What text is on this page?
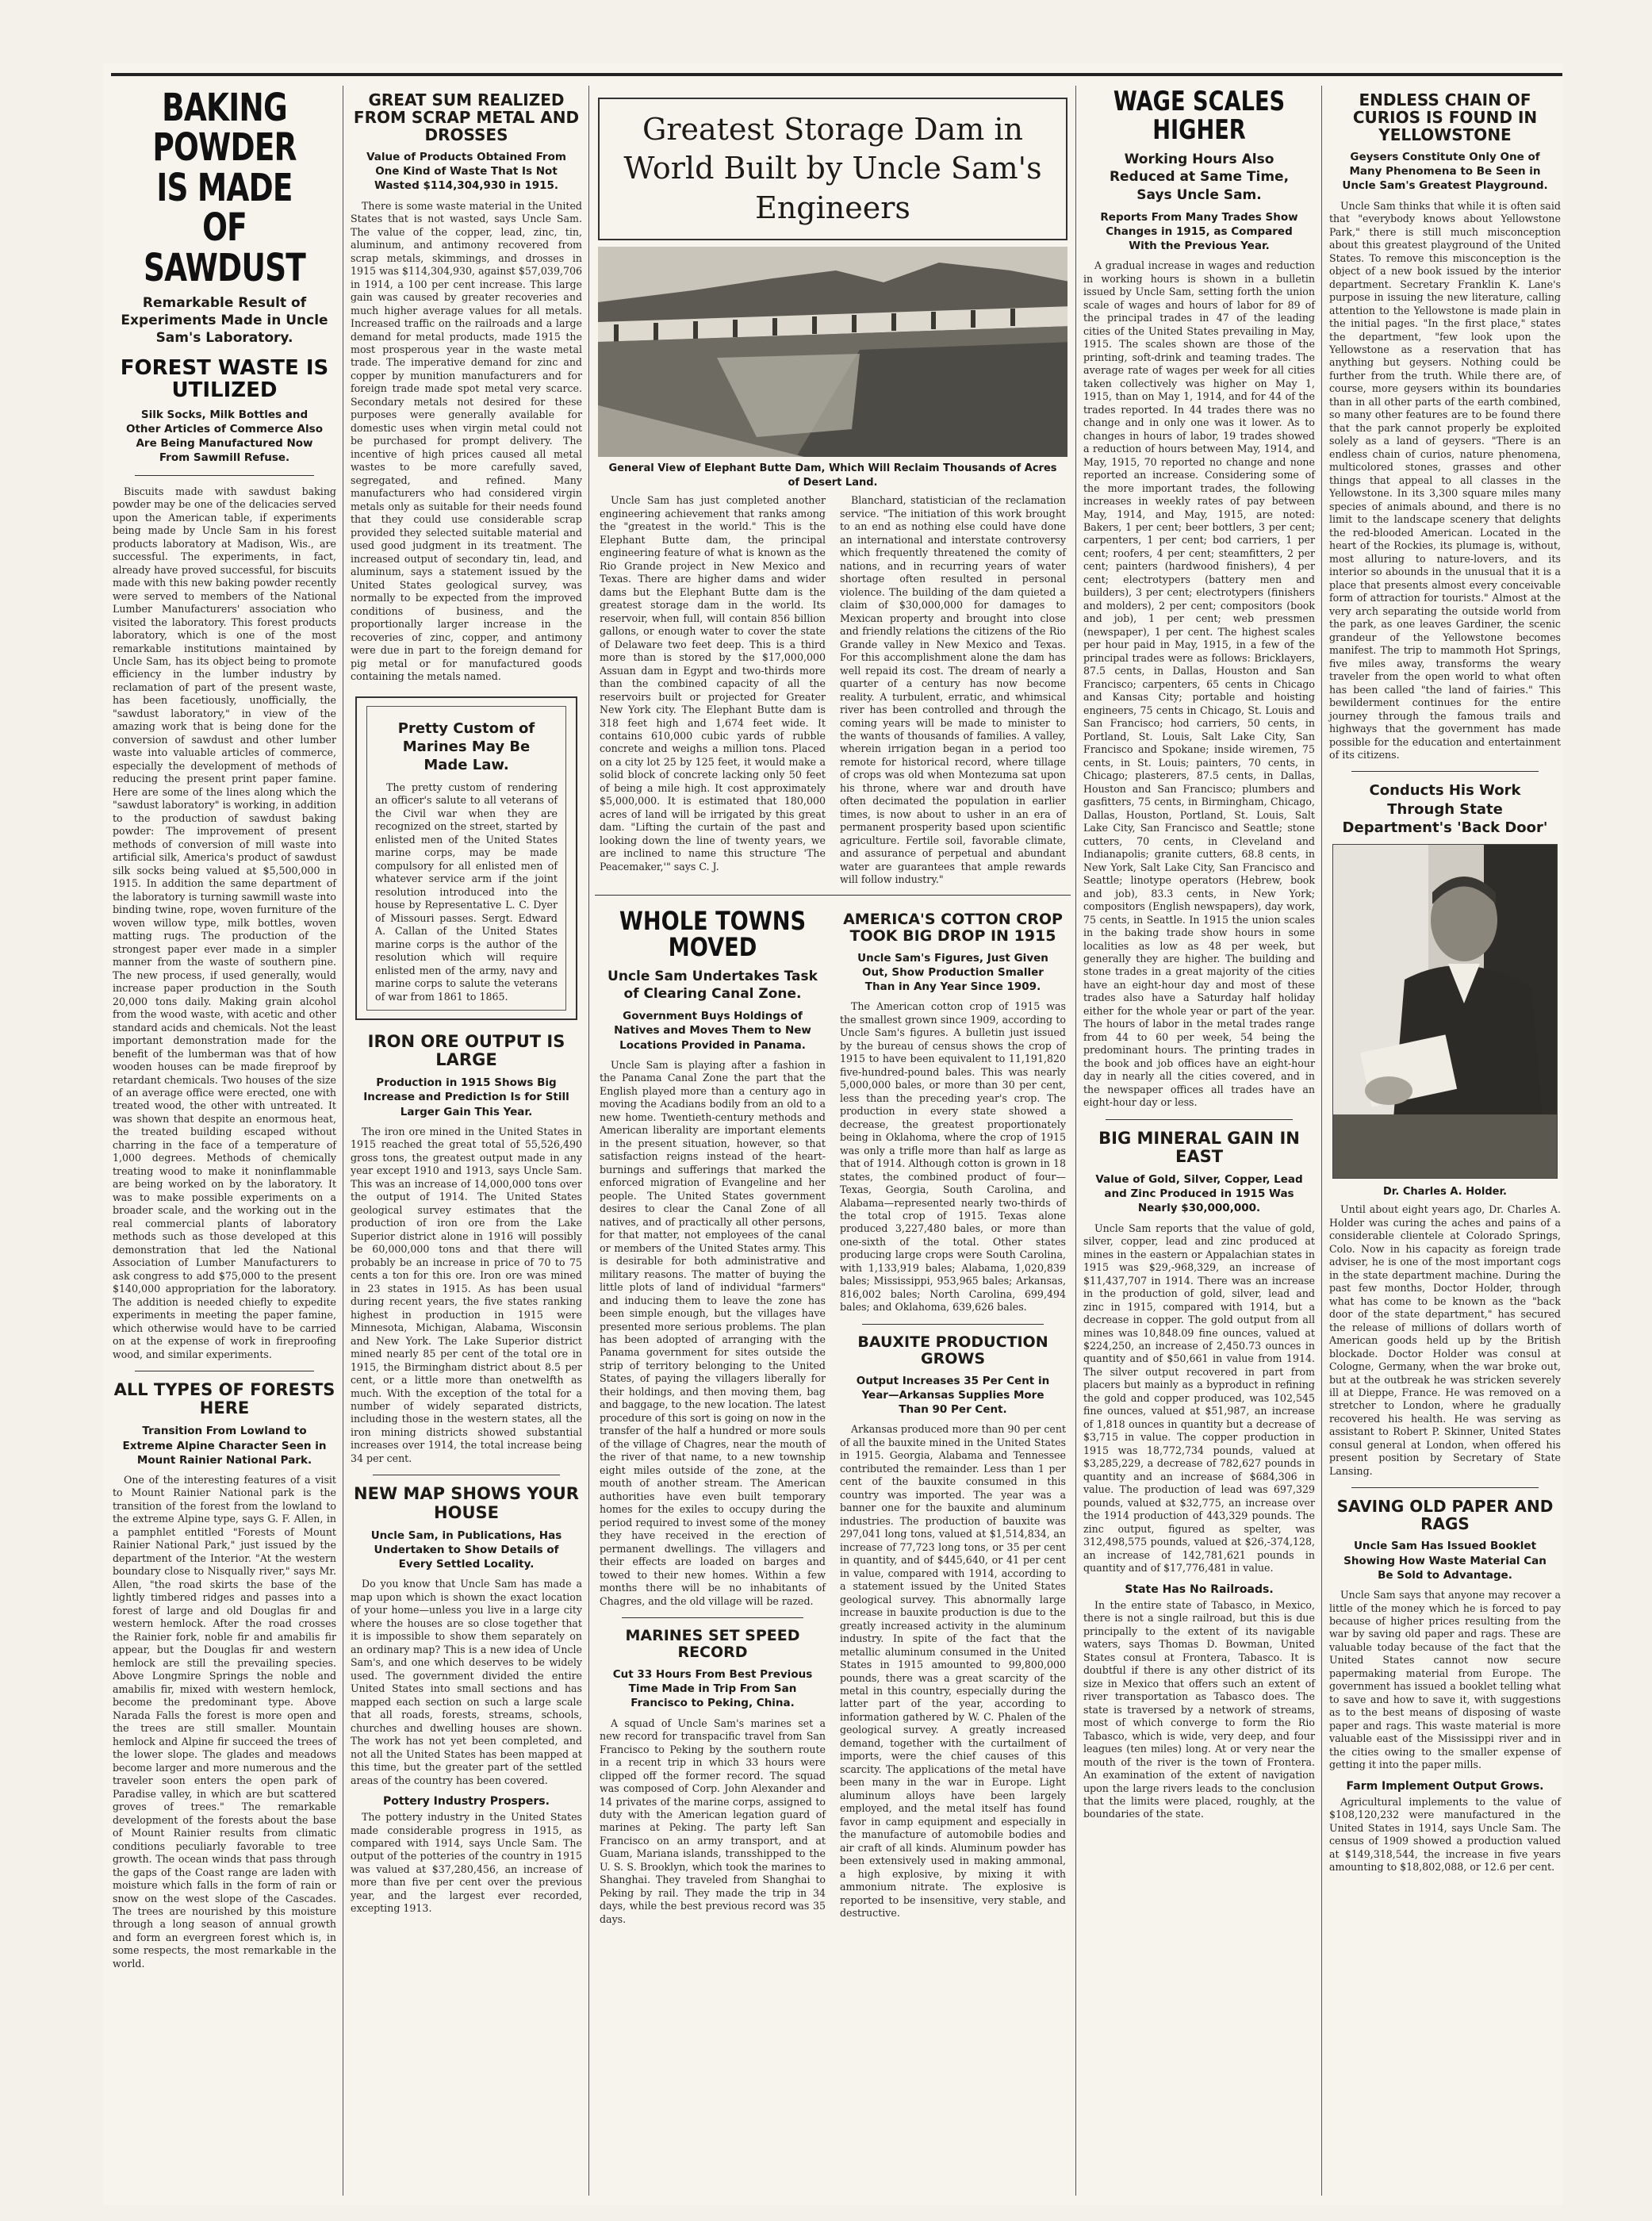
BAKING POWDER IS MADE OF SAWDUST
Remarkable Result of Experiments Made in Uncle Sam's Laboratory.
FOREST WASTE IS UTILIZED
Silk Socks, Milk Bottles and Other Articles of Commerce Also Are Being Manufactured Now From Sawmill Refuse.

Biscuits made with sawdust baking powder may be one of the delicacies served upon the American table, if experiments being made by Uncle Sam in his forest products laboratory at Madison, Wis., are successful. The experiments, in fact, already have proved successful, for biscuits made with this new baking powder recently were served to members of the National Lumber Manufacturers' association who visited the laboratory. This forest products laboratory, which is one of the most remarkable institutions maintained by Uncle Sam, has its object being to promote efficiency in the lumber industry by reclamation of part of the present waste, has been facetiously, unofficially, the "sawdust laboratory," in view of the amazing work that is being done for the conversion of sawdust and other lumber waste into valuable articles of commerce, especially the development of methods of reducing the present print paper famine. Here are some of the lines along which the "sawdust laboratory" is working, in addition to the production of sawdust baking powder: The improvement of present methods of conversion of mill waste into artificial silk, America's product of sawdust silk socks being valued at $5,500,000 in 1915. In addition the same department of the laboratory is turning sawmill waste into binding twine, rope, woven furniture of the woven willow type, milk bottles, woven matting rugs. The production of the strongest paper ever made in a simpler manner from the waste of southern pine. The new process, if used generally, would increase paper production in the South 20,000 tons daily. Making grain alcohol from the wood waste, with acetic and other standard acids and chemicals. Not the least important demonstration made for the benefit of the lumberman was that of how wooden houses can be made fireproof by retardant chemicals. Two houses of the size of an average office were erected, one with treated wood, the other with untreated. It was shown that despite an enormous heat, the treated building escaped without charring in the face of a temperature of 1,000 degrees. Methods of chemically treating wood to make it noninflammable are being worked on by the laboratory. It was to make possible experiments on a broader scale, and the working out in the real commercial plants of laboratory methods such as those developed at this demonstration that led the National Association of Lumber Manufacturers to ask congress to add $75,000 to the present $140,000 appropriation for the laboratory. The addition is needed chiefly to expedite experiments in meeting the paper famine, which otherwise would have to be carried on at the expense of work in fireproofing wood, and similar experiments.

ALL TYPES OF FORESTS HERE
Transition From Lowland to Extreme Alpine Character Seen in Mount Rainier National Park.

One of the interesting features of a visit to Mount Rainier National park is the transition of the forest from the lowland to the extreme Alpine type, says G. F. Allen, in a pamphlet entitled "Forests of Mount Rainier National Park," just issued by the department of the Interior. "At the western boundary close to Nisqually river," says Mr. Allen, "the road skirts the base of the lightly timbered ridges and passes into a forest of large and old Douglas fir and western hemlock. After the road crosses the Rainier fork, noble fir and amabilis fir appear, but the Douglas fir and western hemlock are still the prevailing species. Above Longmire Springs the noble and amabilis fir, mixed with western hemlock, become the predominant type. Above Narada Falls the forest is more open and the trees are still smaller. Mountain hemlock and Alpine fir succeed the trees of the lower slope. The glades and meadows become larger and more numerous and the traveler soon enters the open park of Paradise valley, in which are but scattered groves of trees." The remarkable development of the forests about the base of Mount Rainier results from climatic conditions peculiarly favorable to tree growth. The ocean winds that pass through the gaps of the Coast range are laden with moisture which falls in the form of rain or snow on the west slope of the Cascades. The trees are nourished by this moisture through a long season of annual growth and form an evergreen forest which is, in some respects, the most remarkable in the world.

GREAT SUM REALIZED FROM SCRAP METAL AND DROSSES
Value of Products Obtained From One Kind of Waste That Is Not Wasted $114,304,930 in 1915.

There is some waste material in the United States that is not wasted, says Uncle Sam. The value of the copper, lead, zinc, tin, aluminum, and antimony recovered from scrap metals, skimmings, and drosses in 1915 was $114,304,930, against $57,039,706 in 1914, a 100 per cent increase. This large gain was caused by greater recoveries and much higher average values for all metals. Increased traffic on the railroads and a large demand for metal products, made 1915 the most prosperous year in the waste metal trade. The imperative demand for zinc and copper by munition manufacturers and for foreign trade made spot metal very scarce. Secondary metals not desired for these purposes were generally available for domestic uses when virgin metal could not be purchased for prompt delivery. The incentive of high prices caused all metal wastes to be more carefully saved, segregated, and refined. Many manufacturers who had considered virgin metals only as suitable for their needs found that they could use considerable scrap provided they selected suitable material and used good judgment in its treatment. The increased output of secondary tin, lead, and aluminum, says a statement issued by the United States geological survey, was normally to be expected from the improved conditions of business, and the proportionally larger increase in the recoveries of zinc, copper, and antimony were due in part to the foreign demand for pig metal or for manufactured goods containing the metals named.

Pretty Custom of Marines May Be Made Law.

The pretty custom of rendering an officer's salute to all veterans of the Civil war when they are recognized on the street, started by enlisted men of the United States marine corps, may be made compulsory for all enlisted men of whatever service arm if the joint resolution introduced into the house by Representative L. C. Dyer of Missouri passes. Sergt. Edward A. Callan of the United States marine corps is the author of the resolution which will require enlisted men of the army, navy and marine corps to salute the veterans of war from 1861 to 1865.

IRON ORE OUTPUT IS LARGE
Production in 1915 Shows Big Increase and Prediction Is for Still Larger Gain This Year.

The iron ore mined in the United States in 1915 reached the great total of 55,526,490 gross tons, the greatest output made in any year except 1910 and 1913, says Uncle Sam. This was an increase of 14,000,000 tons over the output of 1914. The United States geological survey estimates that the production of iron ore from the Lake Superior district alone in 1916 will possibly be 60,000,000 tons and that there will probably be an increase in price of 70 to 75 cents a ton for this ore. Iron ore was mined in 23 states in 1915. As has been usual during recent years, the five states ranking highest in production in 1915 were Minnesota, Michigan, Alabama, Wisconsin and New York. The Lake Superior district mined nearly 85 per cent of the total ore in 1915, the Birmingham district about 8.5 per cent, or a little more than onetwelfth as much. With the exception of the total for a number of widely separated districts, including those in the western states, all the iron mining districts showed substantial increases over 1914, the total increase being 34 per cent.

NEW MAP SHOWS YOUR HOUSE
Uncle Sam, in Publications, Has Undertaken to Show Details of Every Settled Locality.

Do you know that Uncle Sam has made a map upon which is shown the exact location of your home—unless you live in a large city where the houses are so close together that it is impossible to show them separately on an ordinary map? This is a new idea of Uncle Sam's, and one which deserves to be widely used. The government divided the entire United States into small sections and has mapped each section on such a large scale that all roads, forests, streams, schools, churches and dwelling houses are shown. The work has not yet been completed, and not all the United States has been mapped at this time, but the greater part of the settled areas of the country has been covered.

Pottery Industry Prospers.

The pottery industry in the United States made considerable progress in 1915, as compared with 1914, says Uncle Sam. The output of the potteries of the country in 1915 was valued at $37,280,456, an increase of more than five per cent over the previous year, and the largest ever recorded, excepting 1913.

Greatest Storage Dam in World Built by Uncle Sam's Engineers
General View of Elephant Butte Dam, Which Will Reclaim Thousands of Acres of Desert Land.

Uncle Sam has just completed another engineering achievement that ranks among the "greatest in the world." This is the Elephant Butte dam, the principal engineering feature of what is known as the Rio Grande project in New Mexico and Texas. There are higher dams and wider dams but the Elephant Butte dam is the greatest storage dam in the world. Its reservoir, when full, will contain 856 billion gallons, or enough water to cover the state of Delaware two feet deep. This is a third more than is stored by the $17,000,000 Assuan dam in Egypt and two-thirds more than the combined capacity of all the reservoirs built or projected for Greater New York city. The Elephant Butte dam is 318 feet high and 1,674 feet wide. It contains 610,000 cubic yards of rubble concrete and weighs a million tons. Placed on a city lot 25 by 125 feet, it would make a solid block of concrete lacking only 50 feet of being a mile high. It cost approximately $5,000,000. It is estimated that 180,000 acres of land will be irrigated by this great dam. "Lifting the curtain of the past and looking down the line of twenty years, we are inclined to name this structure 'The Peacemaker,'" says C. J.

Blanchard, statistician of the reclamation service. "The initiation of this work brought to an end as nothing else could have done an international and interstate controversy which frequently threatened the comity of nations, and in recurring years of water shortage often resulted in personal violence. The building of the dam quieted a claim of $30,000,000 for damages to Mexican property and brought into close and friendly relations the citizens of the Rio Grande valley in New Mexico and Texas. For this accomplishment alone the dam has well repaid its cost. The dream of nearly a quarter of a century has now become reality. A turbulent, erratic, and whimsical river has been controlled and through the coming years will be made to minister to the wants of thousands of families. A valley, wherein irrigation began in a period too remote for historical record, where tillage of crops was old when Montezuma sat upon his throne, where war and drouth have often decimated the population in earlier times, is now about to usher in an era of permanent prosperity based upon scientific agriculture. Fertile soil, favorable climate, and assurance of perpetual and abundant water are guarantees that ample rewards will follow industry."

WHOLE TOWNS MOVED
Uncle Sam Undertakes Task of Clearing Canal Zone.
Government Buys Holdings of Natives and Moves Them to New Locations Provided in Panama.

Uncle Sam is playing after a fashion in the Panama Canal Zone the part that the English played more than a century ago in moving the Acadians bodily from an old to a new home. Twentieth-century methods and American liberality are important elements in the present situation, however, so that satisfaction reigns instead of the heart-burnings and sufferings that marked the enforced migration of Evangeline and her people. The United States government desires to clear the Canal Zone of all natives, and of practically all other persons, for that matter, not employees of the canal or members of the United States army. This is desirable for both administrative and military reasons. The matter of buying the little plots of land of individual "farmers" and inducing them to leave the zone has been simple enough, but the villages have presented more serious problems. The plan has been adopted of arranging with the Panama government for sites outside the strip of territory belonging to the United States, of paying the villagers liberally for their holdings, and then moving them, bag and baggage, to the new location. The latest procedure of this sort is going on now in the transfer of the half a hundred or more souls of the village of Chagres, near the mouth of the river of that name, to a new township eight miles outside of the zone, at the mouth of another stream. The American authorities have even built temporary homes for the exiles to occupy during the period required to invest some of the money they have received in the erection of permanent dwellings. The villagers and their effects are loaded on barges and towed to their new homes. Within a few months there will be no inhabitants of Chagres, and the old village will be razed.

MARINES SET SPEED RECORD
Cut 33 Hours From Best Previous Time Made in Trip From San Francisco to Peking, China.

A squad of Uncle Sam's marines set a new record for transpacific travel from San Francisco to Peking by the southern route in a recent trip in which 33 hours were clipped off the former record. The squad was composed of Corp. John Alexander and 14 privates of the marine corps, assigned to duty with the American legation guard of marines at Peking. The party left San Francisco on an army transport, and at Guam, Mariana islands, transshipped to the U. S. S. Brooklyn, which took the marines to Shanghai. They traveled from Shanghai to Peking by rail. They made the trip in 34 days, while the best previous record was 35 days.

AMERICA'S COTTON CROP TOOK BIG DROP IN 1915
Uncle Sam's Figures, Just Given Out, Show Production Smaller Than in Any Year Since 1909.

The American cotton crop of 1915 was the smallest grown since 1909, according to Uncle Sam's figures. A bulletin just issued by the bureau of census shows the crop of 1915 to have been equivalent to 11,191,820 five-hundred-pound bales. This was nearly 5,000,000 bales, or more than 30 per cent, less than the preceding year's crop. The production in every state showed a decrease, the greatest proportionately being in Oklahoma, where the crop of 1915 was only a trifle more than half as large as that of 1914. Although cotton is grown in 18 states, the combined product of four—Texas, Georgia, South Carolina, and Alabama—represented nearly two-thirds of the total crop of 1915. Texas alone produced 3,227,480 bales, or more than one-sixth of the total. Other states producing large crops were South Carolina, with 1,133,919 bales; Alabama, 1,020,839 bales; Mississippi, 953,965 bales; Arkansas, 816,002 bales; North Carolina, 699,494 bales; and Oklahoma, 639,626 bales.

BAUXITE PRODUCTION GROWS
Output Increases 35 Per Cent in Year—Arkansas Supplies More Than 90 Per Cent.

Arkansas produced more than 90 per cent of all the bauxite mined in the United States in 1915. Georgia, Alabama and Tennessee contributed the remainder. Less than 1 per cent of the bauxite consumed in this country was imported. The year was a banner one for the bauxite and aluminum industries. The production of bauxite was 297,041 long tons, valued at $1,514,834, an increase of 77,723 long tons, or 35 per cent in quantity, and of $445,640, or 41 per cent in value, compared with 1914, according to a statement issued by the United States geological survey. This abnormally large increase in bauxite production is due to the greatly increased activity in the aluminum industry. In spite of the fact that the metallic aluminum consumed in the United States in 1915 amounted to 99,800,000 pounds, there was a great scarcity of the metal in this country, especially during the latter part of the year, according to information gathered by W. C. Phalen of the geological survey. A greatly increased demand, together with the curtailment of imports, were the chief causes of this scarcity. The applications of the metal have been many in the war in Europe. Light aluminum alloys have been largely employed, and the metal itself has found favor in camp equipment and especially in the manufacture of automobile bodies and air craft of all kinds. Aluminum powder has been extensively used in making ammonal, a high explosive, by mixing it with ammonium nitrate. The explosive is reported to be insensitive, very stable, and destructive.

WAGE SCALES HIGHER
Working Hours Also Reduced at Same Time, Says Uncle Sam.
Reports From Many Trades Show Changes in 1915, as Compared With the Previous Year.

A gradual increase in wages and reduction in working hours is shown in a bulletin issued by Uncle Sam, setting forth the union scale of wages and hours of labor for 89 of the principal trades in 47 of the leading cities of the United States prevailing in May, 1915. The scales shown are those of the printing, soft-drink and teaming trades. The average rate of wages per week for all cities taken collectively was higher on May 1, 1915, than on May 1, 1914, and for 44 of the trades reported. In 44 trades there was no change and in only one was it lower. As to changes in hours of labor, 19 trades showed a reduction of hours between May, 1914, and May, 1915, 70 reported no change and none reported an increase. Considering some of the more important trades, the following increases in weekly rates of pay between May, 1914, and May, 1915, are noted: Bakers, 1 per cent; beer bottlers, 3 per cent; carpenters, 1 per cent; bod carriers, 1 per cent; roofers, 4 per cent; steamfitters, 2 per cent; painters (hardwood finishers), 4 per cent; electrotypers (battery men and builders), 3 per cent; electrotypers (finishers and molders), 2 per cent; compositors (book and job), 1 per cent; web pressmen (newspaper), 1 per cent. The highest scales per hour paid in May, 1915, in a few of the principal trades were as follows: Bricklayers, 87.5 cents, in Dallas, Houston and San Francisco; carpenters, 65 cents in Chicago and Kansas City; portable and hoisting engineers, 75 cents in Chicago, St. Louis and San Francisco; hod carriers, 50 cents, in Portland, St. Louis, Salt Lake City, San Francisco and Spokane; inside wiremen, 75 cents, in St. Louis; painters, 70 cents, in Chicago; plasterers, 87.5 cents, in Dallas, Houston and San Francisco; plumbers and gasfitters, 75 cents, in Birmingham, Chicago, Dallas, Houston, Portland, St. Louis, Salt Lake City, San Francisco and Seattle; stone cutters, 70 cents, in Cleveland and Indianapolis; granite cutters, 68.8 cents, in New York, Salt Lake City, San Francisco and Seattle; linotype operators (Hebrew, book and job), 83.3 cents, in New York; compositors (English newspapers), day work, 75 cents, in Seattle. In 1915 the union scales in the baking trade show hours in some localities as low as 48 per week, but generally they are higher. The building and stone trades in a great majority of the cities have an eight-hour day and most of these trades also have a Saturday half holiday either for the whole year or part of the year. The hours of labor in the metal trades range from 44 to 60 per week, 54 being the predominant hours. The printing trades in the book and job offices have an eight-hour day in nearly all the cities covered, and in the newspaper offices all trades have an eight-hour day or less.

BIG MINERAL GAIN IN EAST
Value of Gold, Silver, Copper, Lead and Zinc Produced in 1915 Was Nearly $30,000,000.

Uncle Sam reports that the value of gold, silver, copper, lead and zinc produced at mines in the eastern or Appalachian states in 1915 was $29,-968,329, an increase of $11,437,707 in 1914. There was an increase in the production of gold, silver, lead and zinc in 1915, compared with 1914, but a decrease in copper. The gold output from all mines was 10,848.09 fine ounces, valued at $224,250, an increase of 2,450.73 ounces in quantity and of $50,661 in value from 1914. The silver output recovered in part from placers but mainly as a byproduct in refining the gold and copper produced, was 102,545 fine ounces, valued at $51,987, an increase of 1,818 ounces in quantity but a decrease of $3,715 in value. The copper production in 1915 was 18,772,734 pounds, valued at $3,285,229, a decrease of 782,627 pounds in quantity and an increase of $684,306 in value. The production of lead was 697,329 pounds, valued at $32,775, an increase over the 1914 production of 443,329 pounds. The zinc output, figured as spelter, was 312,498,575 pounds, valued at $26,-374,128, an increase of 142,781,621 pounds in quantity and of $17,776,481 in value.

State Has No Railroads.

In the entire state of Tabasco, in Mexico, there is not a single railroad, but this is due principally to the extent of its navigable waters, says Thomas D. Bowman, United States consul at Frontera, Tabasco. It is doubtful if there is any other district of its size in Mexico that offers such an extent of river transportation as Tabasco does. The state is traversed by a network of streams, most of which converge to form the Rio Tabasco, which is wide, very deep, and four leagues (ten miles) long. At or very near the mouth of the river is the town of Frontera. An examination of the extent of navigation upon the large rivers leads to the conclusion that the limits were placed, roughly, at the boundaries of the state.

ENDLESS CHAIN OF CURIOS IS FOUND IN YELLOWSTONE
Geysers Constitute Only One of Many Phenomena to Be Seen in Uncle Sam's Greatest Playground.

Uncle Sam thinks that while it is often said that "everybody knows about Yellowstone Park," there is still much misconception about this greatest playground of the United States. To remove this misconception is the object of a new book issued by the interior department. Secretary Franklin K. Lane's purpose in issuing the new literature, calling attention to the Yellowstone is made plain in the initial pages. "In the first place," states the department, "few look upon the Yellowstone as a reservation that has anything but geysers. Nothing could be further from the truth. While there are, of course, more geysers within its boundaries than in all other parts of the earth combined, so many other features are to be found there that the park cannot properly be exploited solely as a land of geysers. "There is an endless chain of curios, nature phenomena, multicolored stones, grasses and other things that appeal to all classes in the Yellowstone. In its 3,300 square miles many species of animals abound, and there is no limit to the landscape scenery that delights the red-blooded American. Located in the heart of the Rockies, its plumage is, without, most alluring to nature-lovers, and its interior so abounds in the unusual that it is a place that presents almost every conceivable form of attraction for tourists." Almost at the very arch separating the outside world from the park, as one leaves Gardiner, the scenic grandeur of the Yellowstone becomes manifest. The trip to mammoth Hot Springs, five miles away, transforms the weary traveler from the open world to what often has been called "the land of fairies." This bewilderment continues for the entire journey through the famous trails and highways that the government has made possible for the education and entertainment of its citizens.

Conducts His Work Through State Department's 'Back Door'
Dr. Charles A. Holder.

Until about eight years ago, Dr. Charles A. Holder was curing the aches and pains of a considerable clientele at Colorado Springs, Colo. Now in his capacity as foreign trade adviser, he is one of the most important cogs in the state department machine. During the past few months, Doctor Holder, through what has come to be known as the "back door of the state department," has secured the release of millions of dollars worth of American goods held up by the British blockade. Doctor Holder was consul at Cologne, Germany, when the war broke out, but at the outbreak he was stricken severely ill at Dieppe, France. He was removed on a stretcher to London, where he gradually recovered his health. He was serving as assistant to Robert P. Skinner, United States consul general at London, when offered his present position by Secretary of State Lansing.

SAVING OLD PAPER AND RAGS
Uncle Sam Has Issued Booklet Showing How Waste Material Can Be Sold to Advantage.

Uncle Sam says that anyone may recover a little of the money which he is forced to pay because of higher prices resulting from the war by saving old paper and rags. These are valuable today because of the fact that the United States cannot now secure papermaking material from Europe. The government has issued a booklet telling what to save and how to save it, with suggestions as to the best means of disposing of waste paper and rags. This waste material is more valuable east of the Mississippi river and in the cities owing to the smaller expense of getting it into the paper mills.

Farm Implement Output Grows.

Agricultural implements to the value of $108,120,232 were manufactured in the United States in 1914, says Uncle Sam. The census of 1909 showed a production valued at $149,318,544, the increase in five years amounting to $18,802,088, or 12.6 per cent.
